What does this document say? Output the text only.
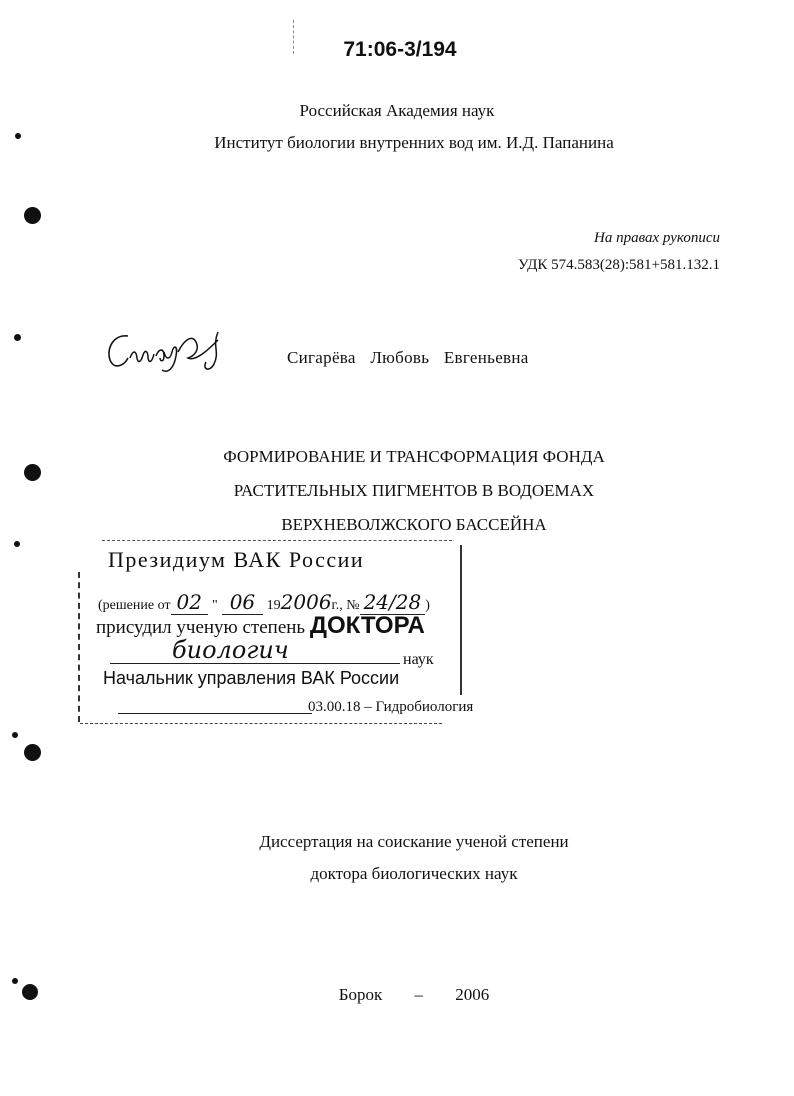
71:06-3/194
Российская Академия наук
Институт биологии внутренних вод им. И.Д. Папанина
На правах рукописи
УДК 574.583(28):581+581.132.1
Сигарёва Любовь Евгеньевна
ФОРМИРОВАНИЕ И ТРАНСФОРМАЦИЯ ФОНДА
РАСТИТЕЛЬНЫХ ПИГМЕНТОВ В ВОДОЕМАХ
ВЕРХНЕВОЛЖСКОГО БАССЕЙНА
Президиум ВАК России
(решение от 02 " 06 192006г., № 24/28 )
присудил ученую степень ДОКТОРА
биологич	наук
Начальник управления ВАК России
03.00.18 – Гидробиология
Диссертация на соискание ученой степени
доктора биологических наук
Борок – 2006
